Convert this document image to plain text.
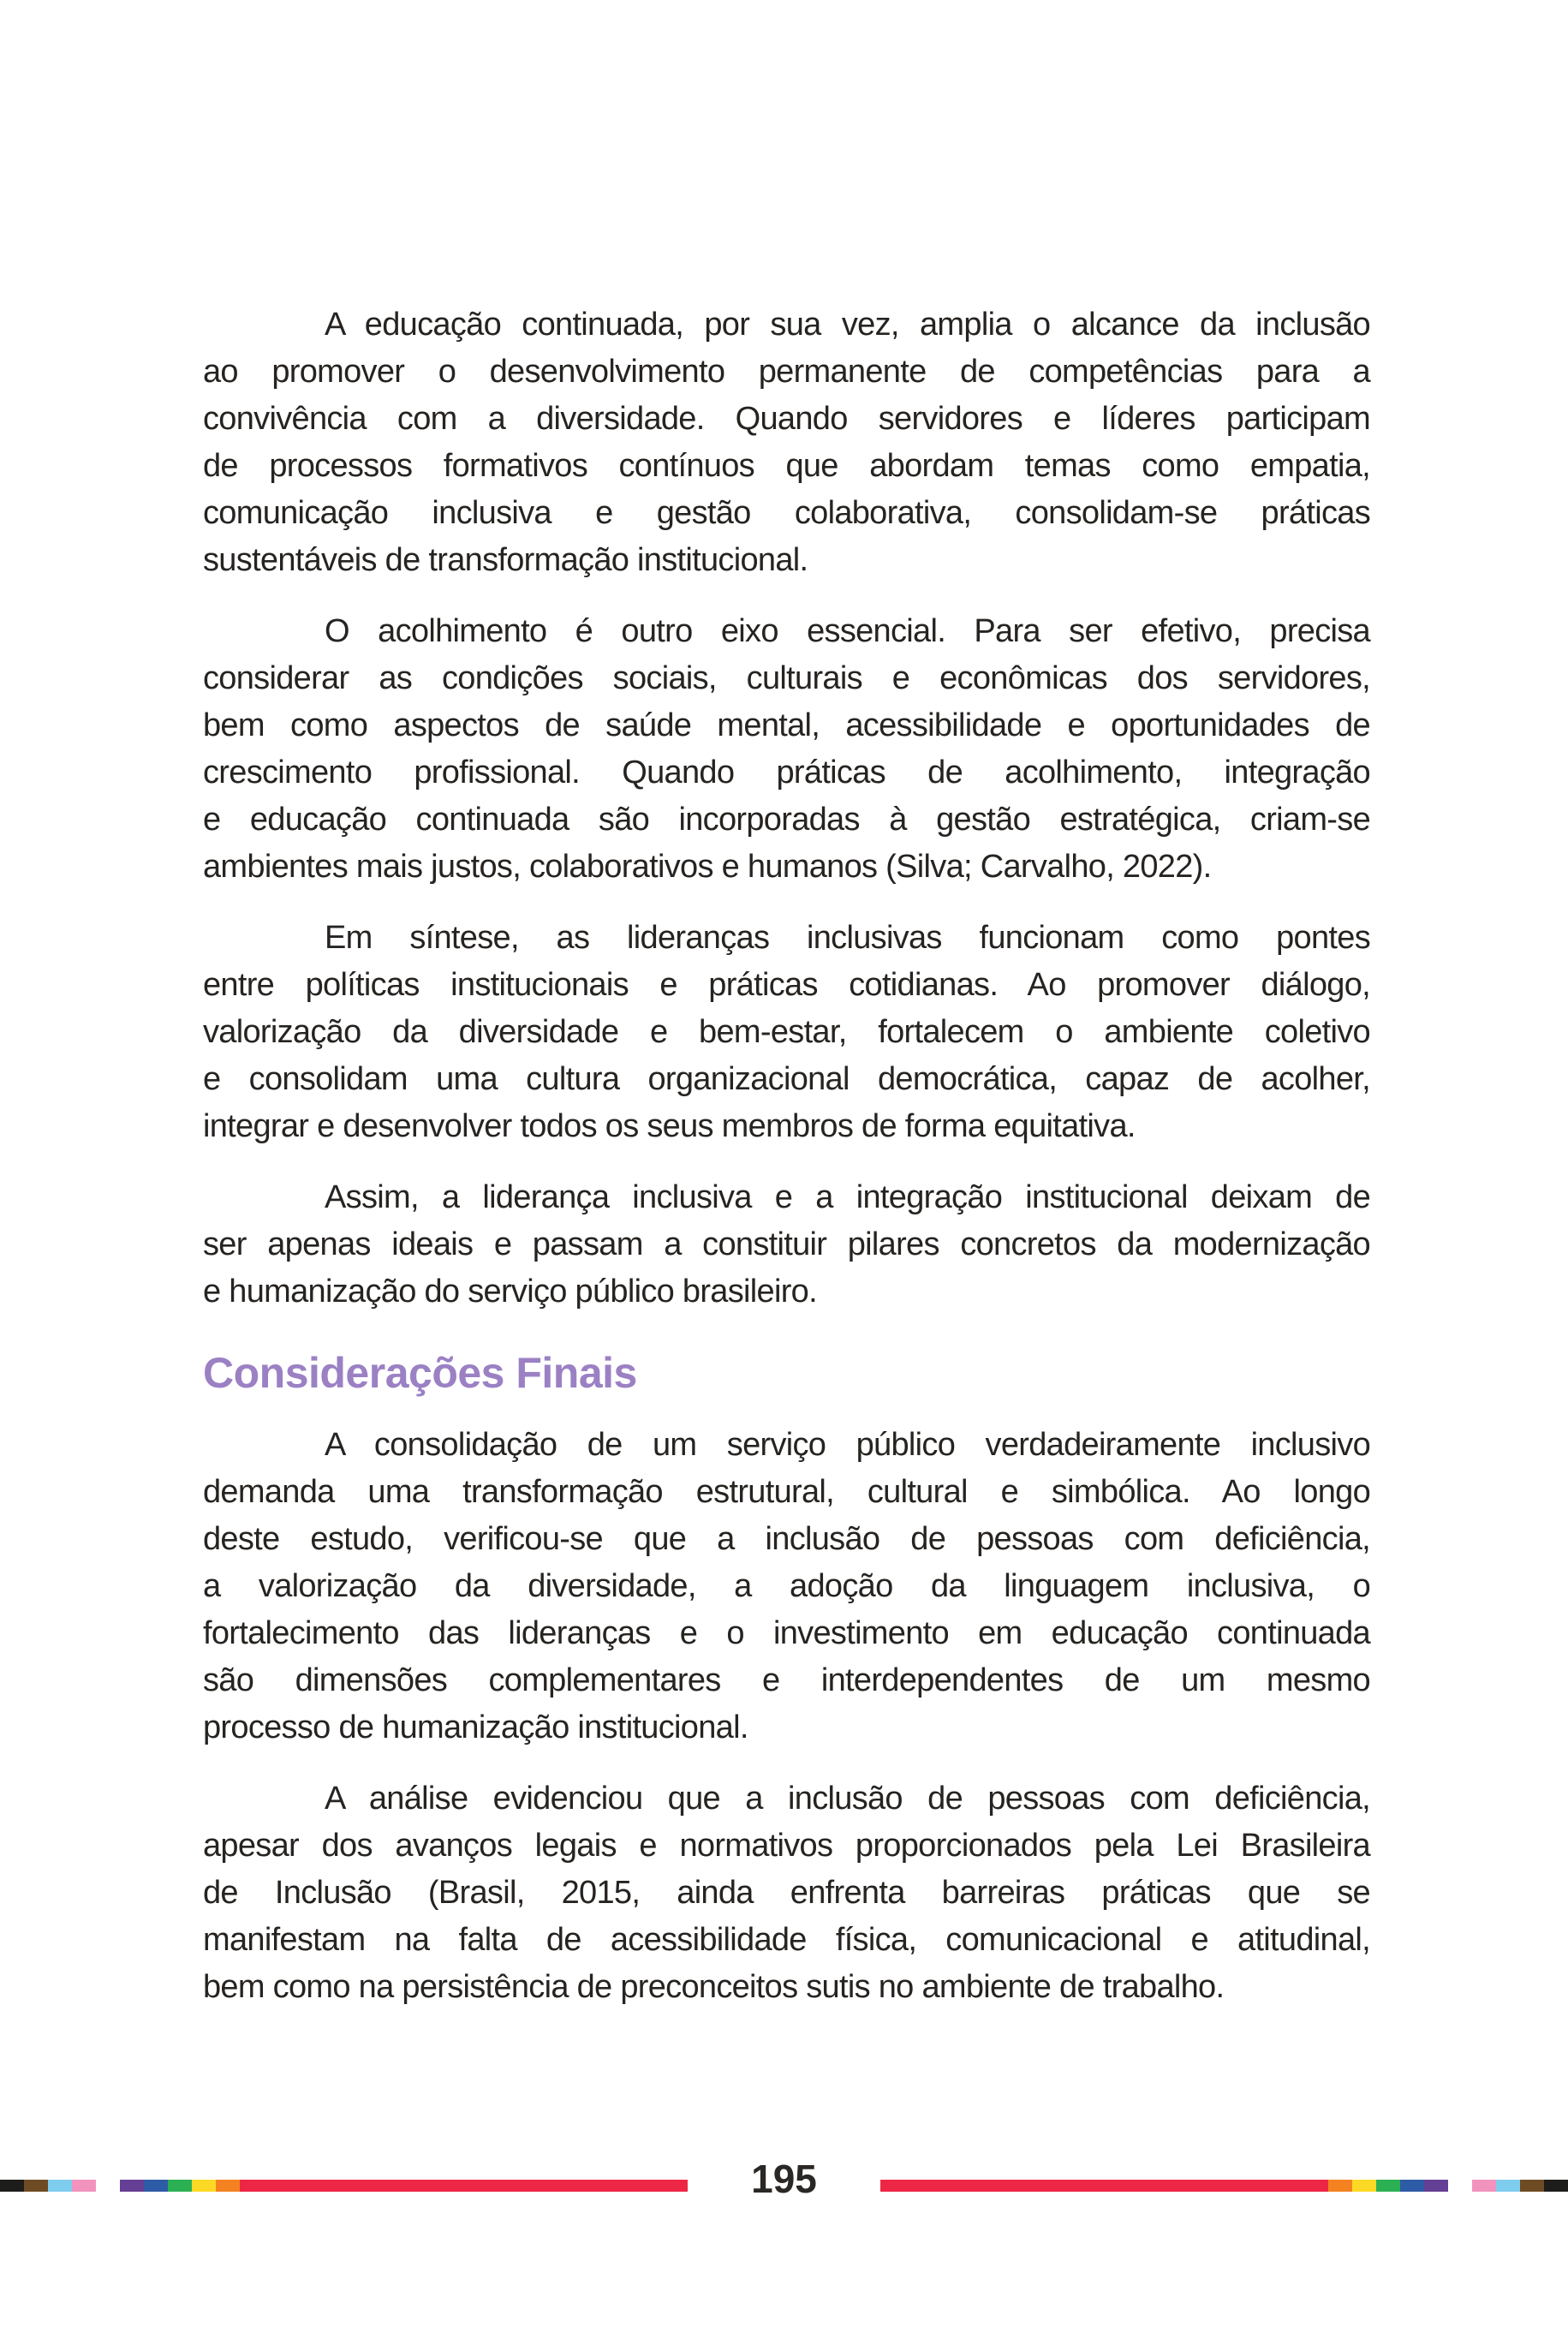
A educação continuada, por sua vez, amplia o alcance da inclusão
ao promover o desenvolvimento permanente de competências para a
convivência com a diversidade. Quando servidores e líderes participam
de processos formativos contínuos que abordam temas como empatia,
comunicação inclusiva e gestão colaborativa, consolidam-se práticas
sustentáveis de transformação institucional.
O acolhimento é outro eixo essencial. Para ser efetivo, precisa
considerar as condições sociais, culturais e econômicas dos servidores,
bem como aspectos de saúde mental, acessibilidade e oportunidades de
crescimento profissional. Quando práticas de acolhimento, integração
e educação continuada são incorporadas à gestão estratégica, criam-se
ambientes mais justos, colaborativos e humanos (Silva; Carvalho, 2022).
Em síntese, as lideranças inclusivas funcionam como pontes
entre políticas institucionais e práticas cotidianas. Ao promover diálogo,
valorização da diversidade e bem-estar, fortalecem o ambiente coletivo
e consolidam uma cultura organizacional democrática, capaz de acolher,
integrar e desenvolver todos os seus membros de forma equitativa.
Assim, a liderança inclusiva e a integração institucional deixam de
ser apenas ideais e passam a constituir pilares concretos da modernização
e humanização do serviço público brasileiro.
Considerações Finais
A consolidação de um serviço público verdadeiramente inclusivo
demanda uma transformação estrutural, cultural e simbólica. Ao longo
deste estudo, verificou-se que a inclusão de pessoas com deficiência,
a valorização da diversidade, a adoção da linguagem inclusiva, o
fortalecimento das lideranças e o investimento em educação continuada
são dimensões complementares e interdependentes de um mesmo
processo de humanização institucional.
A análise evidenciou que a inclusão de pessoas com deficiência,
apesar dos avanços legais e normativos proporcionados pela Lei Brasileira
de Inclusão (Brasil, 2015, ainda enfrenta barreiras práticas que se
manifestam na falta de acessibilidade física, comunicacional e atitudinal,
bem como na persistência de preconceitos sutis no ambiente de trabalho.
195
